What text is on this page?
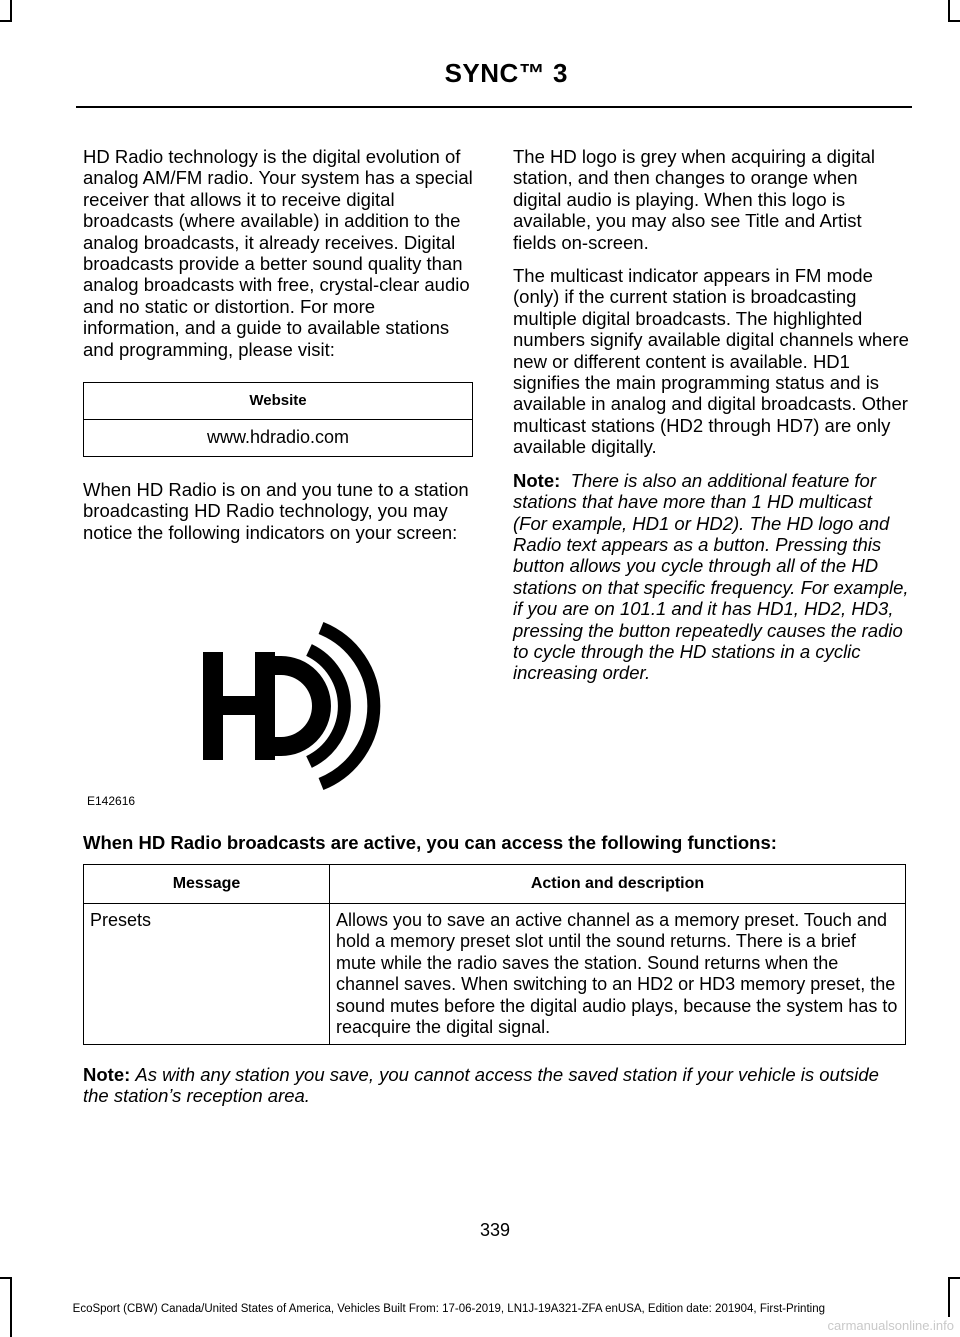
SYNC™ 3

HD Radio technology is the digital evolution of analog AM/FM radio. Your system has a special receiver that allows it to receive digital broadcasts (where available) in addition to the analog broadcasts, it already receives. Digital broadcasts provide a better sound quality than analog broadcasts with free, crystal-clear audio and no static or distortion. For more information, and a guide to available stations and programming, please visit:

Website
www.hdradio.com

When HD Radio is on and you tune to a station broadcasting HD Radio technology, you may notice the following indicators on your screen:

E142616

The HD logo is grey when acquiring a digital station, and then changes to orange when digital audio is playing. When this logo is available, you may also see Title and Artist fields on-screen.

The multicast indicator appears in FM mode (only) if the current station is broadcasting multiple digital broadcasts. The highlighted numbers signify available digital channels where new or different content is available. HD1 signifies the main programming status and is available in analog and digital broadcasts. Other multicast stations (HD2 through HD7) are only available digitally.

Note: There is also an additional feature for stations that have more than 1 HD multicast (For example, HD1 or HD2). The HD logo and Radio text appears as a button. Pressing this button allows you cycle through all of the HD stations on that specific frequency. For example, if you are on 101.1 and it has HD1, HD2, HD3, pressing the button repeatedly causes the radio to cycle through the HD stations in a cyclic increasing order.

When HD Radio broadcasts are active, you can access the following functions:
Message	Action and description
Presets	Allows you to save an active channel as a memory preset. Touch and hold a memory preset slot until the sound returns. There is a brief mute while the radio saves the station. Sound returns when the channel saves. When switching to an HD2 or HD3 memory preset, the sound mutes before the digital audio plays, because the system has to reacquire the digital signal.
Note: As with any station you save, you cannot access the saved station if your vehicle is outside the station’s reception area.
339
EcoSport (CBW) Canada/United States of America, Vehicles Built From: 17-06-2019, LN1J-19A321-ZFA enUSA, Edition date: 201904, First-Printing
carmanualsonline.info
